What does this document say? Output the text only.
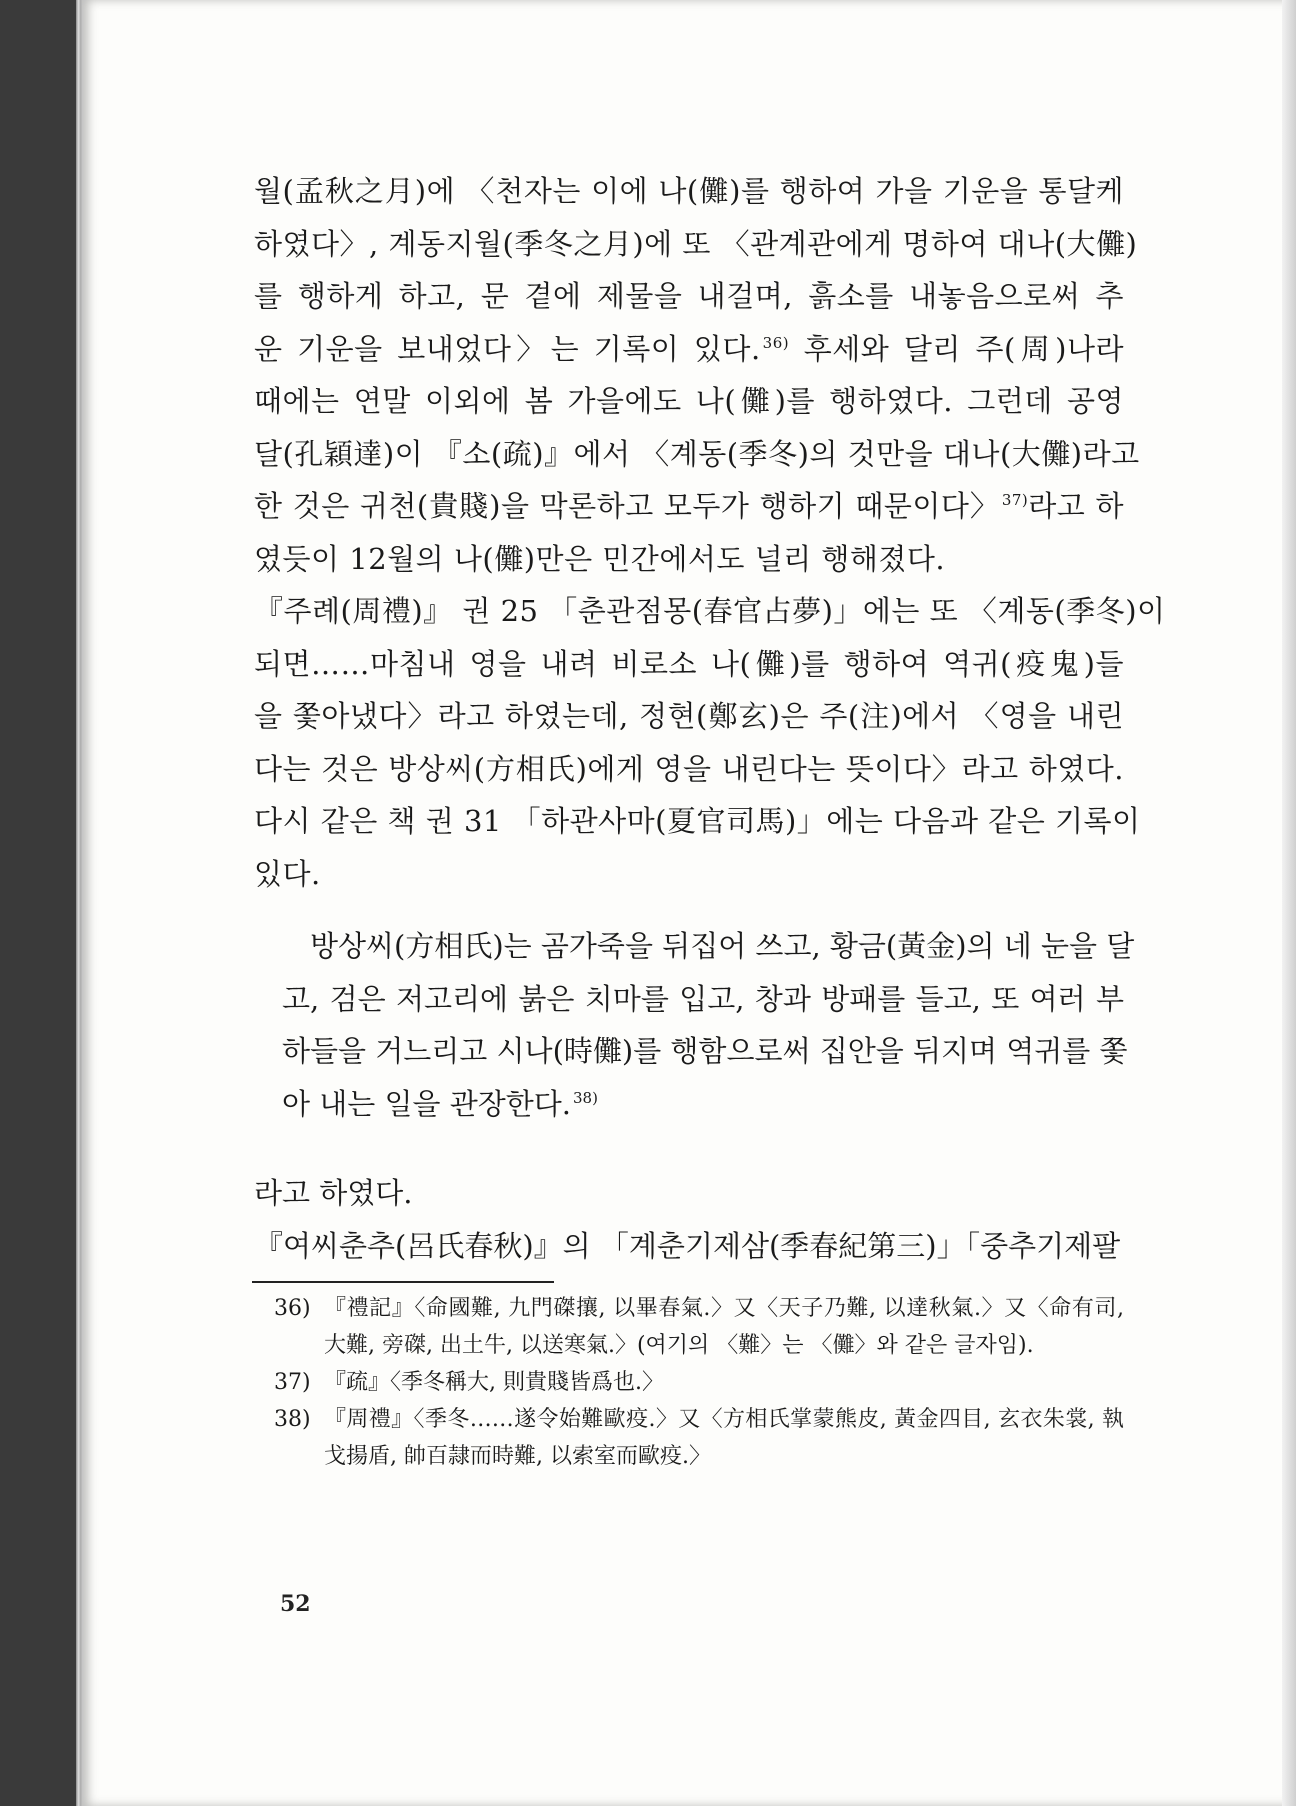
월(孟秋之月)에 〈천자는 이에 나(儺)를 행하여 가을 기운을 통달케
하였다〉, 계동지월(季冬之月)에 또 〈관계관에게 명하여 대나(大儺)
를 행하게 하고, 문 곁에 제물을 내걸며, 흙소를 내놓음으로써 추
운 기운을 보내었다〉는 기록이 있다. $^{36)}$ 후세와 달리 주(周)나라
때에는 연말 이외에 봄 가을에도 나(儺)를 행하였다. 그런데 공영
달(孔穎達)이 『소(疏)』에서 〈계동(季冬)의 것만을 대나(大儺)라고
한 것은 귀천(貴賤)을 막론하고 모두가 행하기 때문이다〉 $^{37)}$라고 하
였듯이 12월의 나(儺)만은 민간에서도 널리 행해졌다.
『주례(周禮)』 권 25 「춘관점몽(春官占夢)」에는 또 〈계동(季冬)이
되면……마침내 영을 내려 비로소 나(儺)를 행하여 역귀(疫鬼)들
을 쫓아냈다〉라고 하였는데, 정현(鄭玄)은 주(注)에서 〈영을 내린
다는 것은 방상씨(方相氏)에게 영을 내린다는 뜻이다〉라고 하였다.
다시 같은 책 권 31 「하관사마(夏官司馬)」에는 다음과 같은 기록이
있다.
방상씨(方相氏)는 곰가죽을 뒤집어 쓰고, 황금(黃金)의 네 눈을 달
고, 검은 저고리에 붉은 치마를 입고, 창과 방패를 들고, 또 여러 부
하들을 거느리고 시나(時儺)를 행함으로써 집안을 뒤지며 역귀를 쫓
아 내는 일을 관장한다. $^{38)}$
라고 하였다.
『여씨춘추(呂氏春秋)』의 「계춘기제삼(季春紀第三)」「중추기제팔
36) 『禮記』〈命國難, 九門磔攘, 以畢春氣.〉又〈天子乃難, 以達秋氣.〉又〈命有司, 大難, 旁磔, 出土牛, 以送寒氣.〉(여기의 〈難〉는 〈儺〉와 같은 글자임).
37) 『疏』〈季冬稱大, 則貴賤皆爲也.〉
38) 『周禮』〈季冬……遂令始難歐疫.〉又〈方相氏掌蒙熊皮, 黃金四目, 玄衣朱裳, 執戈揚盾, 帥百隷而時難, 以索室而歐疫.〉
52
